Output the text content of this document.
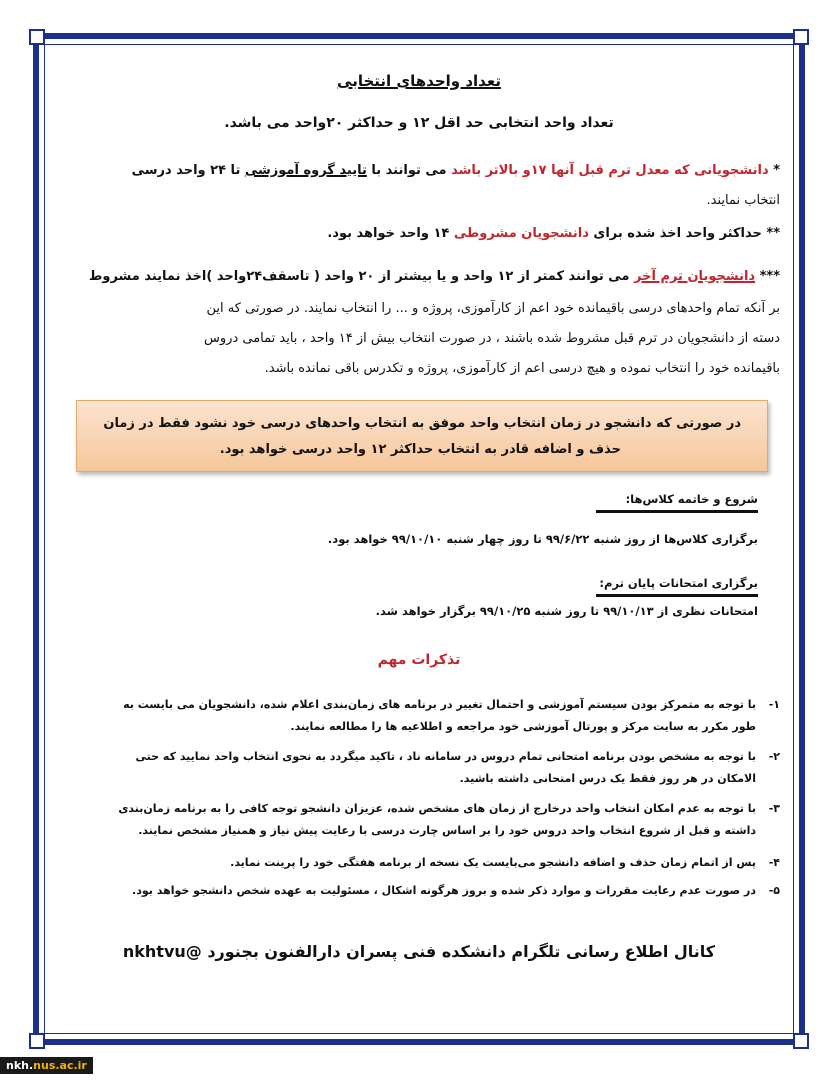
تعداد واحدهای انتخابی
تعداد واحد انتخابی حد اقل ۱۲ و حداکثر ۲۰واحد می باشد.
* دانشجویانی که معدل ترم قبل آنها ۱۷و بالاتر باشد می توانند با تایید گروه آموزشی تا ۲۴ واحد درسی
انتخاب نمایند.
** حداکثر واحد اخذ شده برای دانشجویان مشروطی ۱۴ واحد خواهد بود.
*** دانشجویان ترم آخر می توانند کمتر از ۱۲ واحد و یا بیشتر از ۲۰ واحد ( تاسقف۲۴واحد )اخذ نمایند مشروط
بر آنکه تمام واحدهای درسی باقیمانده خود اعم از کارآموزی، پروژه و ... را انتخاب نمایند. در صورتی که این
دسته از دانشجویان در ترم قبل مشروط شده باشند ، در صورت انتخاب بیش از ۱۴ واحد ، باید تمامی دروس
باقیمانده خود را انتخاب نموده و هیچ درسی اعم از کارآموزی، پروژه و تکدرس باقی نمانده باشد.
در صورتی که دانشجو در زمان انتخاب واحد موفق به انتخاب واحدهای درسی خود نشود فقط در زمان
حذف و اضافه قادر به انتخاب حداکثر ۱۲ واحد درسی خواهد بود.
شروع و خاتمه کلاس‌ها:
برگزاری کلاس‌ها از روز شنبه ۹۹/۶/۲۲ تا روز چهار شنبه ۹۹/۱۰/۱۰ خواهد بود.
برگزاری امتحانات پایان ترم:
امتحانات نظری از ۹۹/۱۰/۱۳ تا روز شنبه ۹۹/۱۰/۲۵ برگزار خواهد شد.
تذکرات مهم
۱-
با توجه به متمرکز بودن سیستم آموزشی و احتمال تغییر در برنامه های زمان‌بندی اعلام شده، دانشجویان می بایست به
طور مکرر به سایت مرکز و پورتال آموزشی خود مراجعه و اطلاعیه ها را مطالعه نمایند.
۲-
با توجه به مشخص بودن برنامه امتحانی تمام دروس در سامانه ناد ، تاکید میگردد به نحوی انتخاب واحد نمایید که حتی
الامکان در هر روز فقط یک درس امتحانی داشته باشید.
۳-
با توجه به عدم امکان انتخاب واحد درخارج از زمان های مشخص شده، عزیزان دانشجو توجه کافی را به برنامه زمان‌بندی
داشته و قبل از شروع انتخاب واحد دروس خود را بر اساس چارت درسی با رعایت پیش نیاز و همنیاز مشخص نمایند.
۴-
پس از اتمام زمان حذف و اضافه دانشجو می‌بایست یک نسخه از برنامه هفتگی خود را پرینت نماید.
۵-
در صورت عدم رعایت مقررات و موارد ذکر شده و بروز هرگونه اشکال ، مسئولیت به عهده شخص دانشجو خواهد بود.
کانال اطلاع رسانی تلگرام دانشکده فنی پسران دارالفنون بجنورد @nkhtvu
nkh.nus.ac.ir
